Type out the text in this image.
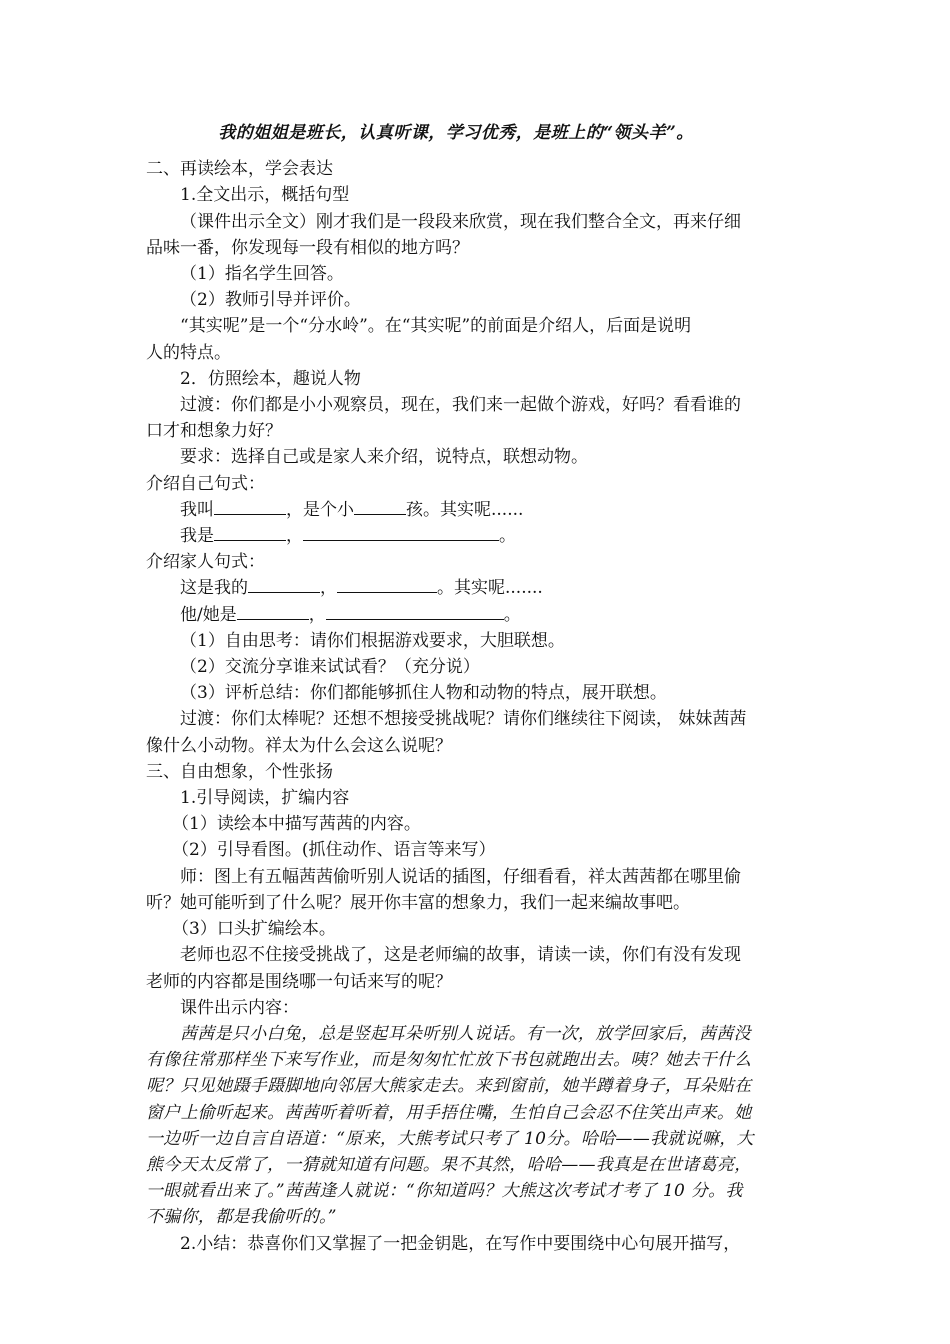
我的姐姐是班长，认真听课，学习优秀，是班上的“领头羊”。
二、再读绘本，学会表达
1.全文出示，概括句型
（课件出示全文）刚才我们是一段段来欣赏，现在我们整合全文，再来仔细
品味一番，你发现每一段有相似的地方吗？
（1）指名学生回答。
（2）教师引导并评价。
“其实呢”是一个“分水岭”。在“其实呢”的前面是介绍人，后面是说明
人的特点。
2．仿照绘本，趣说人物
过渡：你们都是小小观察员，现在，我们来一起做个游戏，好吗？看看谁的
口才和想象力好？
要求：选择自己或是家人来介绍，说特点，联想动物。
介绍自己句式：
我叫	，是个小	孩。其实呢......
我是	，	。
介绍家人句式：
这是我的	，	。其实呢.......
他/她是	，	。
（1）自由思考：请你们根据游戏要求，大胆联想。
（2）交流分享谁来试试看？（充分说）
（3）评析总结：你们都能够抓住人物和动物的特点，展开联想。
过渡：你们太棒呢？还想不想接受挑战呢？请你们继续往下阅读， 妹妹茜茜
像什么小动物。祥太为什么会这么说呢？
三、自由想象，个性张扬
1.引导阅读，扩编内容
（1）读绘本中描写茜茜的内容。
（2）引导看图。(抓住动作、语言等来写）
师：图上有五幅茜茜偷听别人说话的插图，仔细看看，祥太茜茜都在哪里偷
听？她可能听到了什么呢？展开你丰富的想象力，我们一起来编故事吧。
（3）口头扩编绘本。
老师也忍不住接受挑战了，这是老师编的故事，请读一读，你们有没有发现
老师的内容都是围绕哪一句话来写的呢？
课件出示内容：
茜茜是只小白兔，总是竖起耳朵听别人说话。有一次，放学回家后，茜茜没
有像往常那样坐下来写作业，而是匆匆忙忙放下书包就跑出去。咦？她去干什么
呢？只见她蹑手蹑脚地向邻居大熊家走去。来到窗前，她半蹲着身子，耳朵贴在
窗户上偷听起来。茜茜听着听着，用手捂住嘴，生怕自己会忍不住笑出声来。她
一边听一边自言自语道：“原来，大熊考试只考了 10分。哈哈——我就说嘛，大
熊今天太反常了，一猜就知道有问题。果不其然，哈哈——我真是在世诸葛亮，
一眼就看出来了。”茜茜逢人就说：“你知道吗？大熊这次考试才考了 10 分。我
不骗你，都是我偷听的。”
2.小结：恭喜你们又掌握了一把金钥匙，在写作中要围绕中心句展开描写，
